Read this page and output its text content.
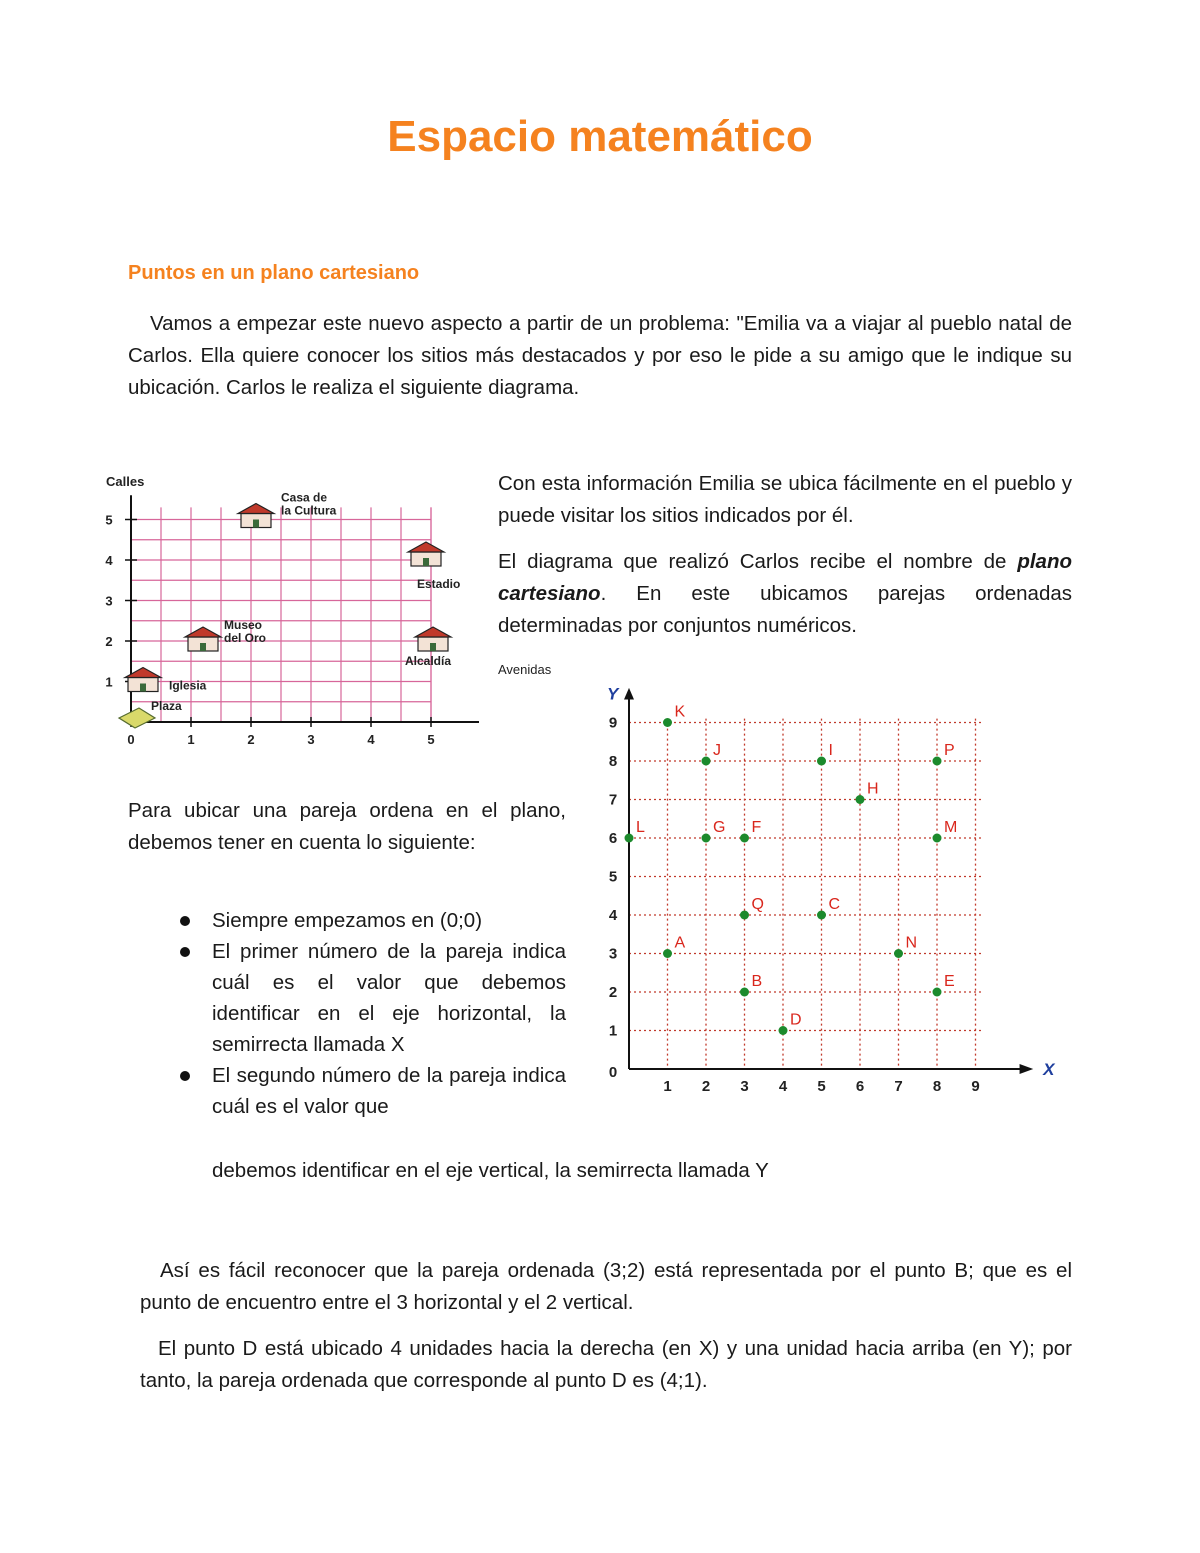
Espacio matemático
Puntos en un plano cartesiano

Vamos a empezar este nuevo aspecto a partir de un problema: "Emilia va a viajar al pueblo natal de Carlos. Ella quiere conocer los sitios más destacados y por eso le pide a su amigo que le indique su ubicación. Carlos le realiza el siguiente diagrama.

0	1	2	3	4	5
1
2
3
4
5
Calles
Plaza
Iglesia
Museo
del Oro
Casa de
la Cultura
Estadio
Alcaldía

Con esta información Emilia se ubica fácilmente en el pueblo y puede visitar los sitios indicados por él.

El diagrama que realizó Carlos recibe el nombre de plano cartesiano. En este ubicamos parejas ordenadas determinadas por conjuntos numéricos.

Avenidas
X
Y
0
1 2 3 4 5 6 7 8 9
1
2
3
4
5
6
7
8
9
K
J	I	P
H
L	G F	M
Q	C
A	N
B	E
D

Para ubicar una pareja ordena en el plano, debemos tener en cuenta lo siguiente:

Siempre empezamos en (0;0)
El primer número de la pareja indica cuál es el valor que debemos identificar en el eje horizontal, la semirrecta llamada X
El segundo número de la pareja indica cuál es el valor que

debemos identificar en el eje vertical, la semirrecta llamada Y

Así es fácil reconocer que la pareja ordenada (3;2) está representada por el punto B; que es el punto de encuentro entre el 3 horizontal y el 2 vertical.

El punto D está ubicado 4 unidades hacia la derecha (en X) y una unidad hacia arriba (en Y); por tanto, la pareja ordenada que corresponde al punto D es (4;1).
